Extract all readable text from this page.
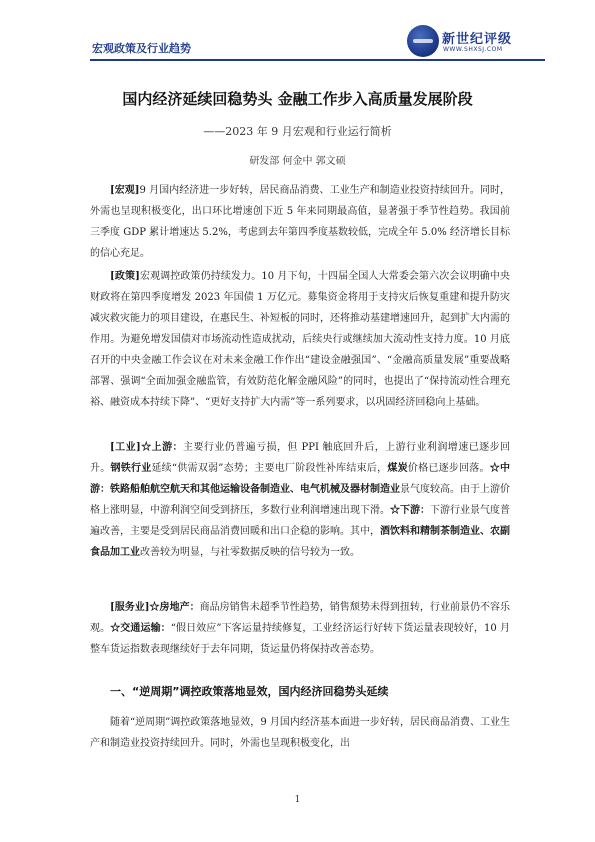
宏观政策及行业趋势
新世纪评级
WWW.SHXSJ.COM
国内经济延续回稳势头 金融工作步入高质量发展阶段
——2023 年 9 月宏观和行业运行简析
研发部 何金中 郭文硕
[宏观]9 月国内经济进一步好转，居民商品消费、工业生产和制造业投资持续回升。同时，外需也呈现积极变化，出口环比增速创下近 5 年来同期最高值，显著强于季节性趋势。我国前三季度 GDP 累计增速达 5.2%，考虑到去年第四季度基数较低，完成全年 5.0% 经济增长目标的信心充足。
[政策]宏观调控政策仍持续发力。10 月下旬，十四届全国人大常委会第六次会议明确中央财政将在第四季度增发 2023 年国债 1 万亿元。募集资金将用于支持灾后恢复重建和提升防灾减灾救灾能力的项目建设，在惠民生、补短板的同时，还将推动基建增速回升，起到扩大内需的作用。为避免增发国债对市场流动性造成扰动，后续央行或继续加大流动性支持力度。10 月底召开的中央金融工作会议在对未来金融工作作出“建设金融强国”、“金融高质量发展”重要战略部署、强调“全面加强金融监管，有效防范化解金融风险”的同时，也提出了“保持流动性合理充裕、融资成本持续下降”、“更好支持扩大内需”等一系列要求，以巩固经济回稳向上基础。
[工业]☆上游：主要行业仍普遍亏损，但 PPI 触底回升后，上游行业利润增速已逐步回升。钢铁行业延续“供需双弱”态势；主要电厂阶段性补库结束后，煤炭价格已逐步回落。☆中游：铁路船舶航空航天和其他运输设备制造业、电气机械及器材制造业景气度较高。由于上游价格上涨明显，中游利润空间受到挤压，多数行业利润增速出现下滑。☆下游：下游行业景气度普遍改善，主要是受到居民商品消费回暖和出口企稳的影响。其中，酒饮料和精制茶制造业、农副食品加工业改善较为明显，与社零数据反映的信号较为一致。
[服务业]☆房地产：商品房销售未超季节性趋势，销售颓势未得到扭转，行业前景仍不容乐观。☆交通运输：“假日效应”下客运量持续修复，工业经济运行好转下货运量表现较好，10 月整车货运指数表现继续好于去年同期，货运量仍将保持改善态势。
一、“逆周期”调控政策落地显效，国内经济回稳势头延续
随着“逆周期”调控政策落地显效，9 月国内经济基本面进一步好转，居民商品消费、工业生产和制造业投资持续回升。同时，外需也呈现积极变化，出
1
